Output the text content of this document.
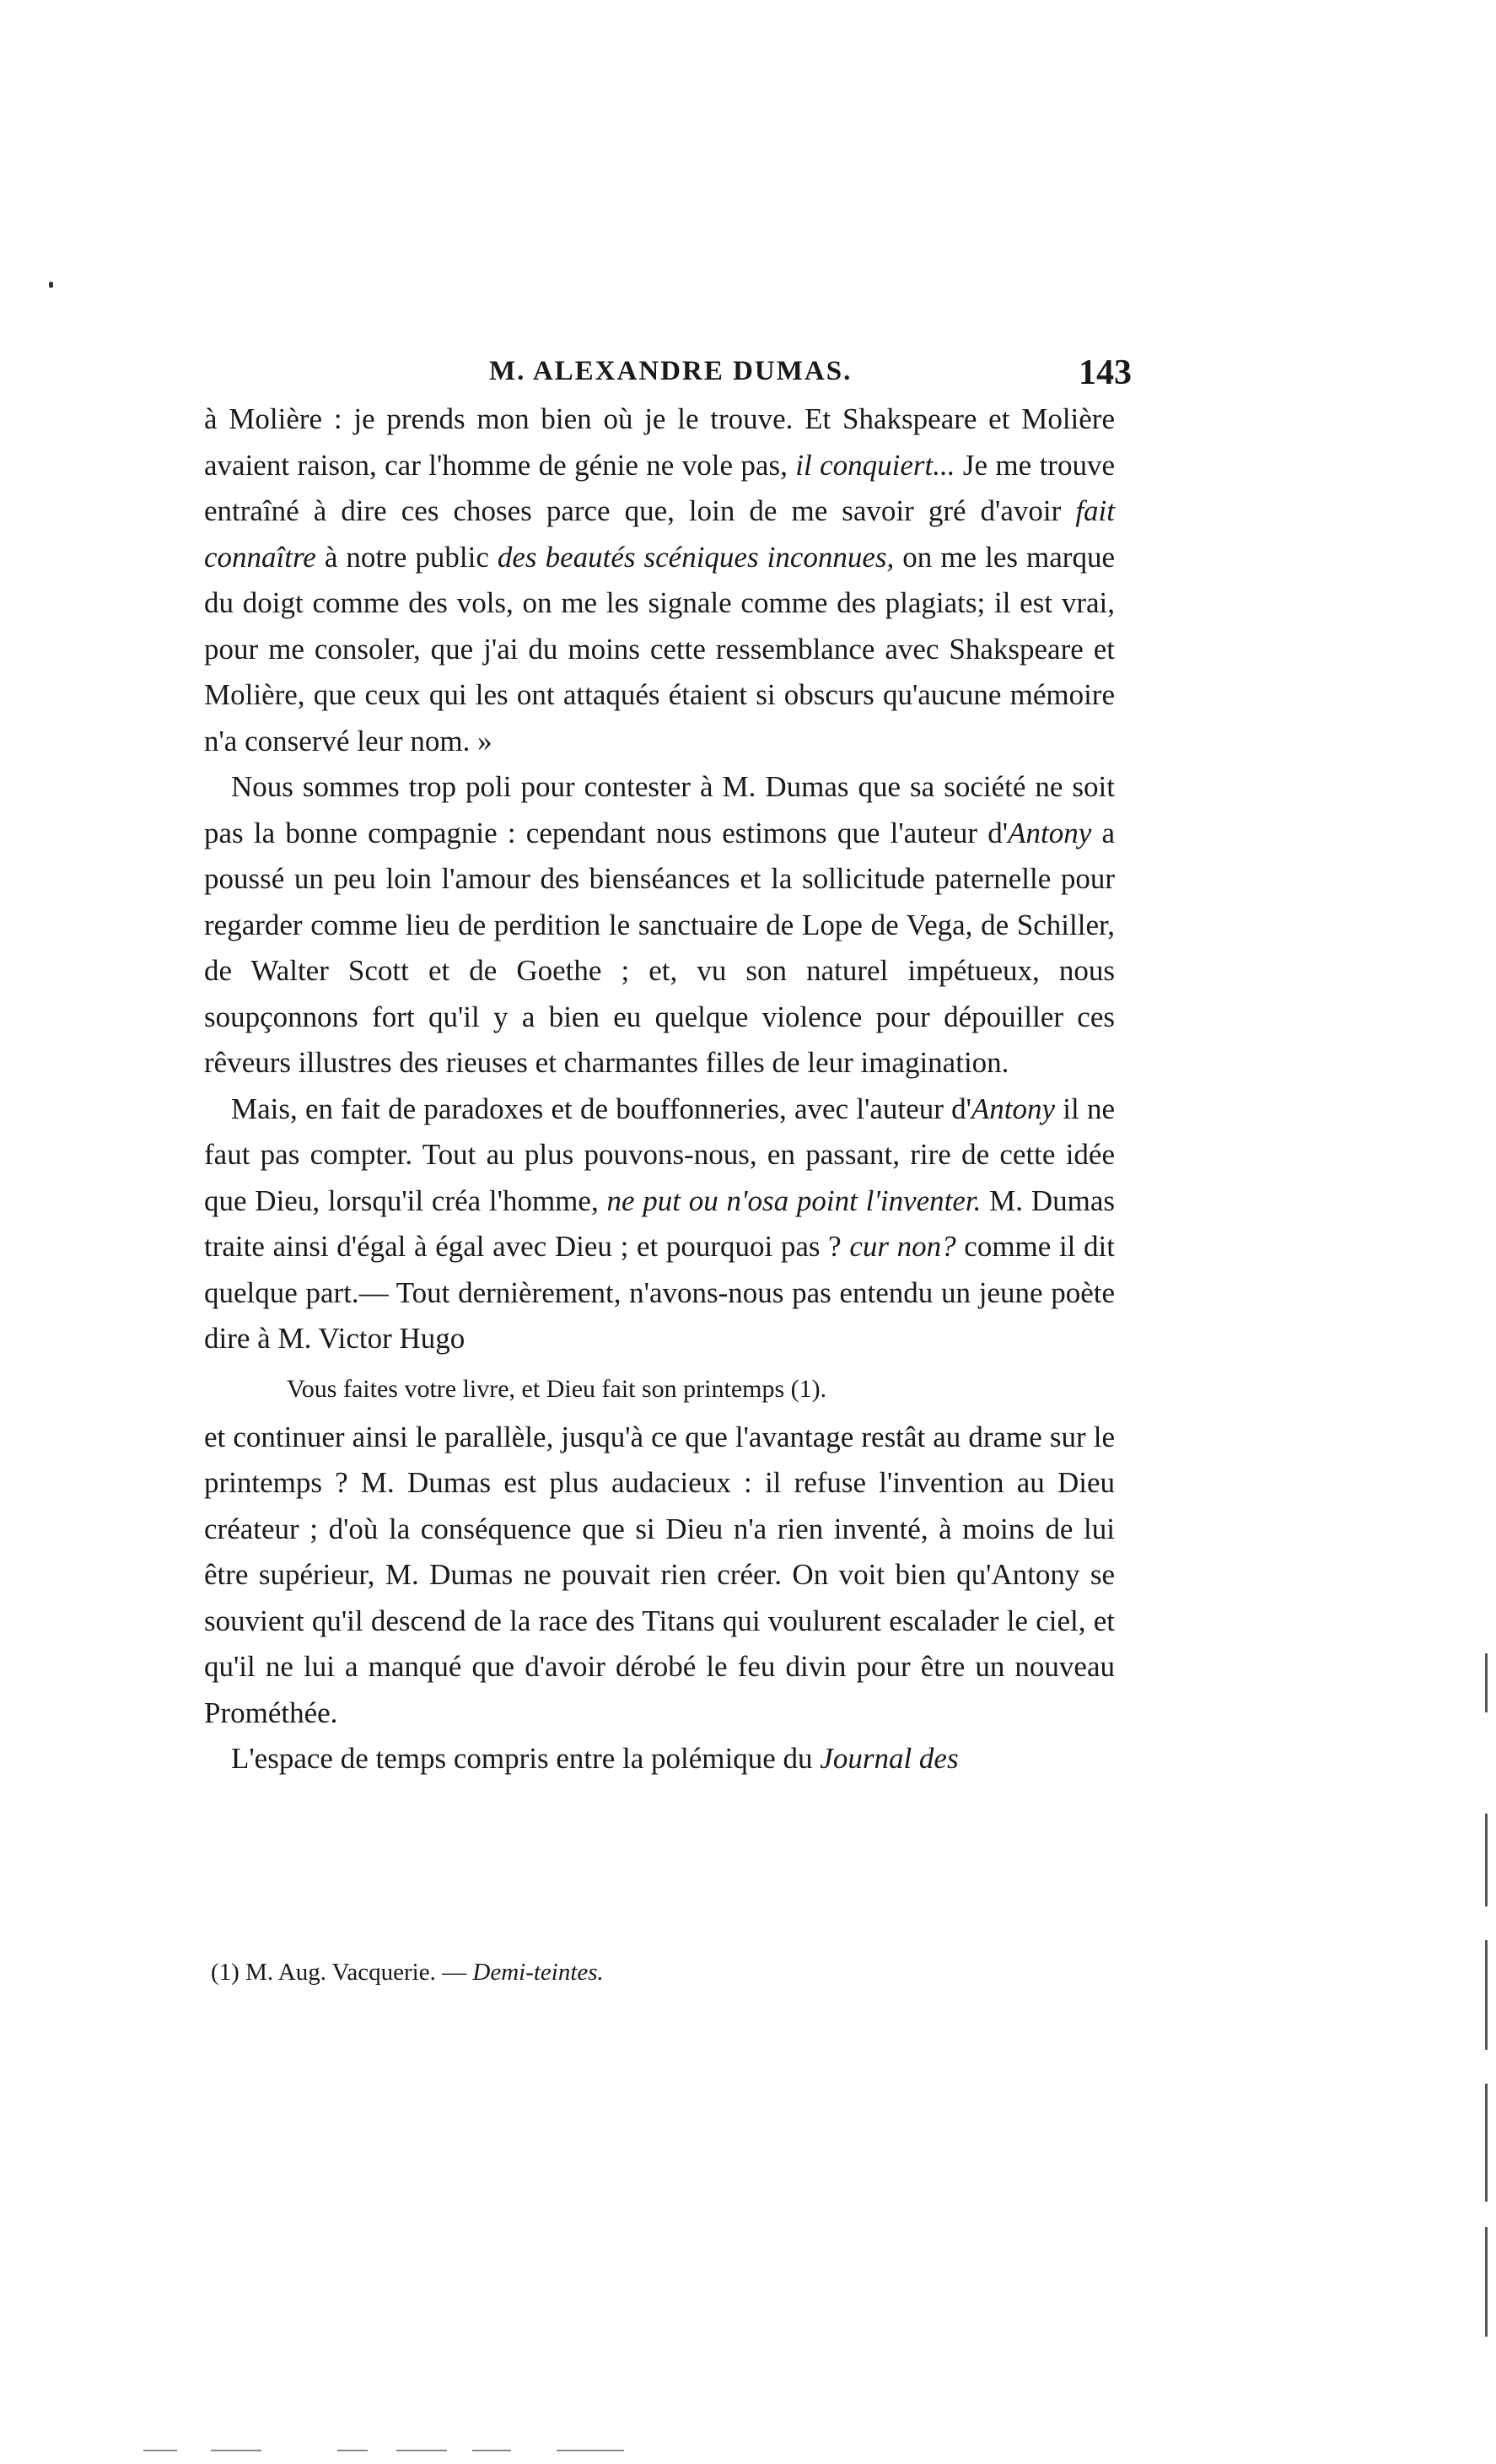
M. ALEXANDRE DUMAS.	143

à Molière : je prends mon bien où je le trouve. Et Shakspeare et Molière avaient raison, car l'homme de génie ne vole pas, il conquiert... Je me trouve entraîné à dire ces choses parce que, loin de me savoir gré d'avoir fait connaître à notre public des beautés scéniques inconnues, on me les marque du doigt comme des vols, on me les signale comme des plagiats; il est vrai, pour me consoler, que j'ai du moins cette ressemblance avec Shakspeare et Molière, que ceux qui les ont attaqués étaient si obscurs qu'aucune mémoire n'a conservé leur nom. »

Nous sommes trop poli pour contester à M. Dumas que sa société ne soit pas la bonne compagnie : cependant nous estimons que l'auteur d'Antony a poussé un peu loin l'amour des bienséances et la sollicitude paternelle pour regarder comme lieu de perdition le sanctuaire de Lope de Vega, de Schiller, de Walter Scott et de Goethe ; et, vu son naturel impétueux, nous soupçonnons fort qu'il y a bien eu quelque violence pour dépouiller ces rêveurs illustres des rieuses et charmantes filles de leur imagination.

Mais, en fait de paradoxes et de bouffonneries, avec l'auteur d'Antony il ne faut pas compter. Tout au plus pouvons-nous, en passant, rire de cette idée que Dieu, lorsqu'il créa l'homme, ne put ou n'osa point l'inventer. M. Dumas traite ainsi d'égal à égal avec Dieu ; et pourquoi pas ? cur non? comme il dit quelque part.— Tout dernièrement, n'avons-nous pas entendu un jeune poète dire à M. Victor Hugo

Vous faites votre livre, et Dieu fait son printemps (1).

et continuer ainsi le parallèle, jusqu'à ce que l'avantage restât au drame sur le printemps ? M. Dumas est plus audacieux : il refuse l'invention au Dieu créateur ; d'où la conséquence que si Dieu n'a rien inventé, à moins de lui être supérieur, M. Dumas ne pouvait rien créer. On voit bien qu'Antony se souvient qu'il descend de la race des Titans qui voulurent escalader le ciel, et qu'il ne lui a manqué que d'avoir dérobé le feu divin pour être un nouveau Prométhée.

L'espace de temps compris entre la polémique du Journal des

(1) M. Aug. Vacquerie. — Demi-teintes.
